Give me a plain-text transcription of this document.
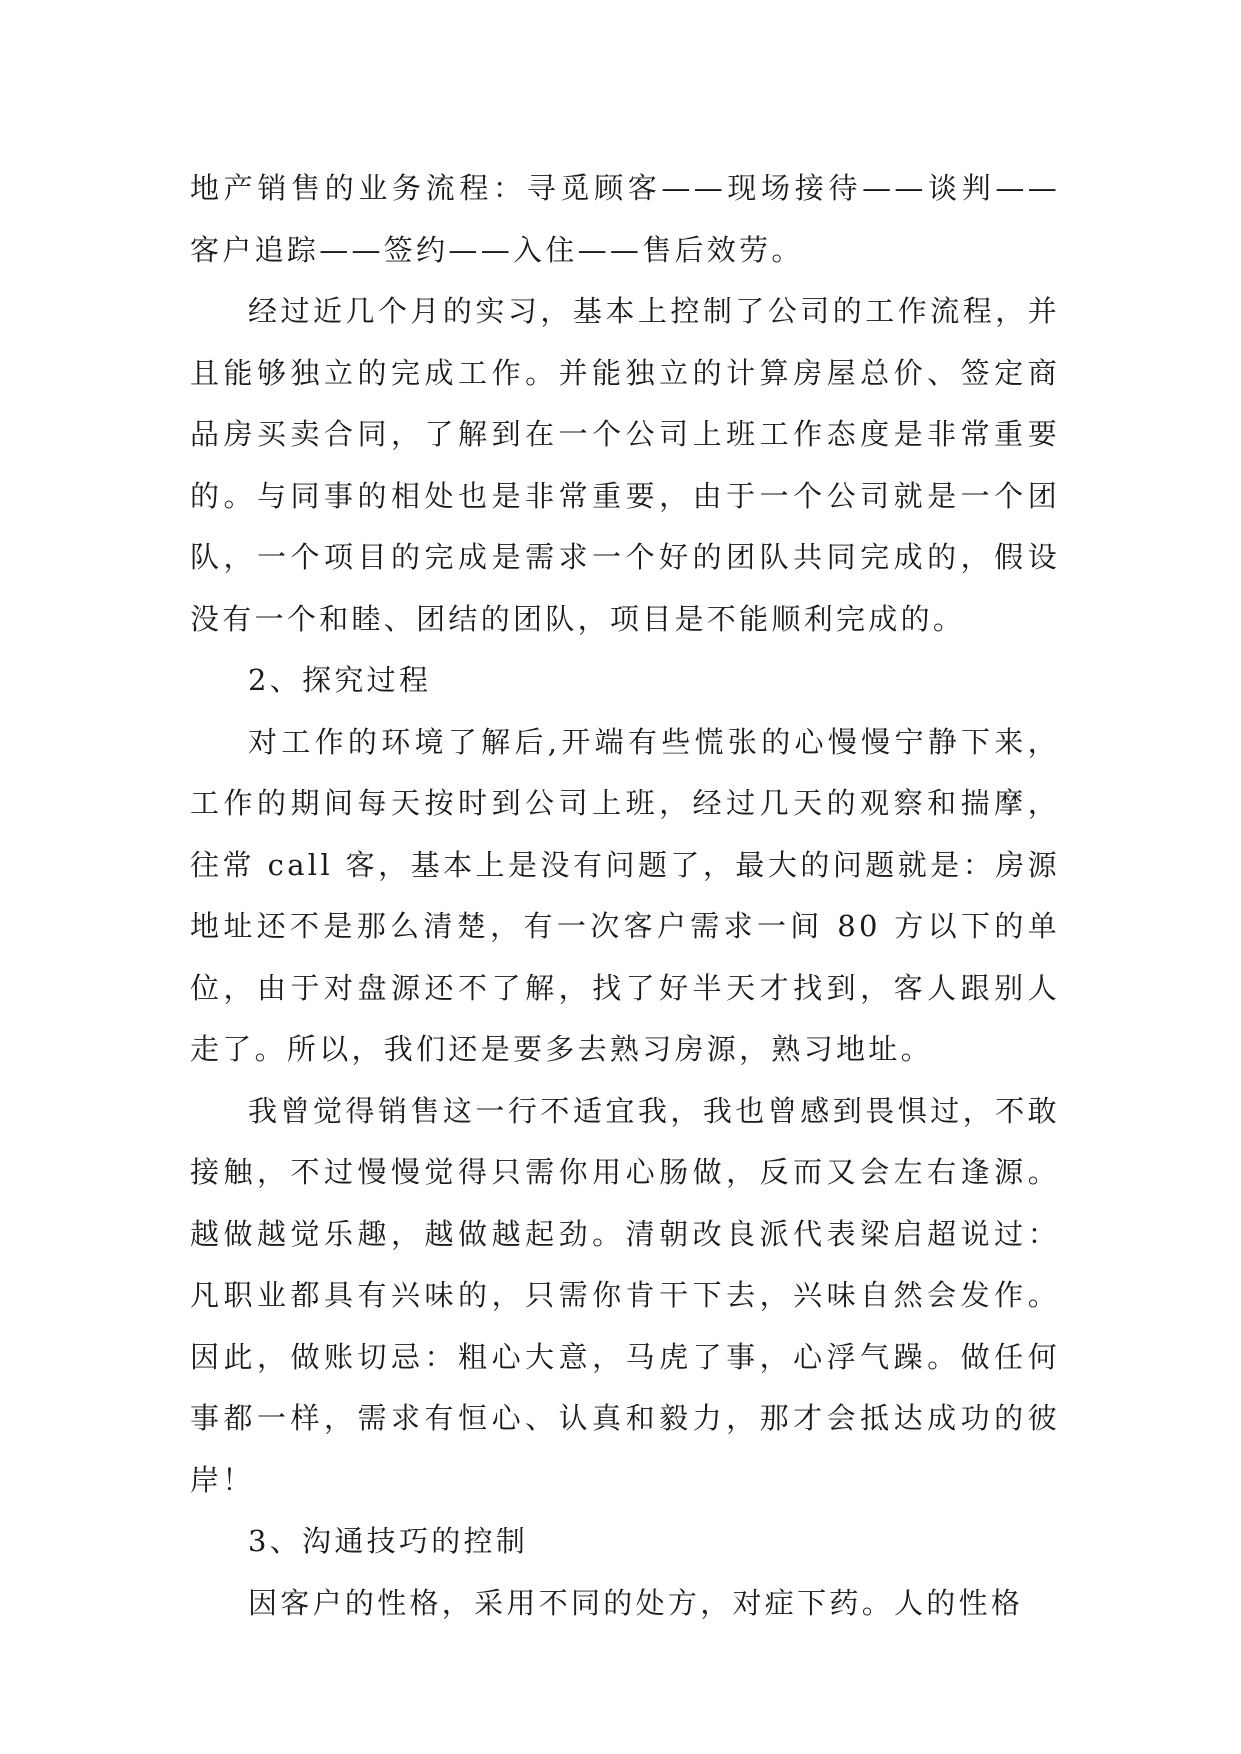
地产销售的业务流程：寻觅顾客——现场接待——谈判——客户追踪——签约——入住——售后效劳。

经过近几个月的实习，基本上控制了公司的工作流程，并且能够独立的完成工作。并能独立的计算房屋总价、签定商品房买卖合同，了解到在一个公司上班工作态度是非常重要的。与同事的相处也是非常重要，由于一个公司就是一个团队，一个项目的完成是需求一个好的团队共同完成的，假设没有一个和睦、团结的团队，项目是不能顺利完成的。

2、探究过程

对工作的环境了解后,开端有些慌张的心慢慢宁静下来，工作的期间每天按时到公司上班，经过几天的观察和揣摩，往常 call 客，基本上是没有问题了，最大的问题就是：房源地址还不是那么清楚，有一次客户需求一间 80 方以下的单位，由于对盘源还不了解，找了好半天才找到，客人跟别人走了。所以，我们还是要多去熟习房源，熟习地址。

我曾觉得销售这一行不适宜我，我也曾感到畏惧过，不敢接触，不过慢慢觉得只需你用心肠做，反而又会左右逢源。越做越觉乐趣，越做越起劲。清朝改良派代表梁启超说过：凡职业都具有兴味的，只需你肯干下去，兴味自然会发作。因此，做账切忌：粗心大意，马虎了事，心浮气躁。做任何事都一样，需求有恒心、认真和毅力，那才会抵达成功的彼岸！

3、沟通技巧的控制

因客户的性格，采用不同的处方，对症下药。人的性格
